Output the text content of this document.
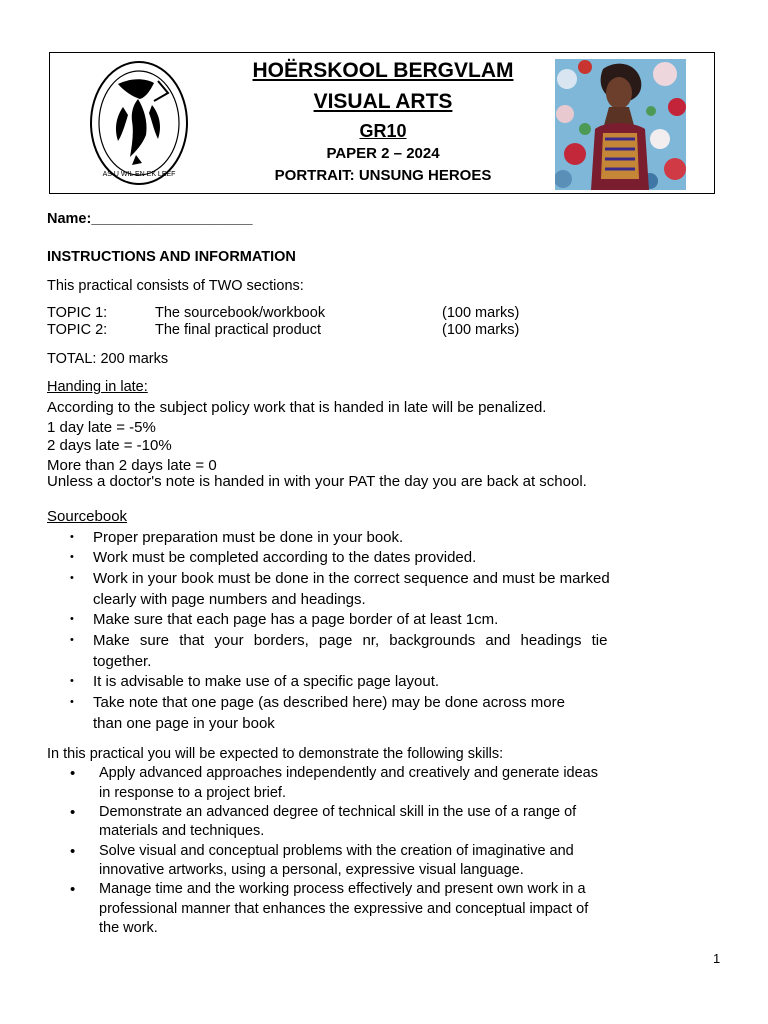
AS U WIL EN EK LEEF
HOËRSKOOL BERGVLAM
VISUAL ARTS
GR10
PAPER 2 – 2024
PORTRAIT: UNSUNG HEROES
Name:____________________
INSTRUCTIONS AND INFORMATION
This practical consists of TWO sections:
TOPIC 1:	The sourcebook/workbook	(100 marks)
TOPIC 2:	The final practical product	(100 marks)
TOTAL: 200 marks
Handing in late:
According to the subject policy work that is handed in late will be penalized.
1 day late = -5%
2 days late = -10%
More than 2 days late = 0
Unless a doctor's note is handed in with your PAT the day you are back at school.
Sourcebook
• Proper preparation must be done in your book.
• Work must be completed according to the dates provided.
• Work in your book must be done in the correct sequence and must be marked
clearly with page numbers and headings.
• Make sure that each page has a page border of at least 1cm.
• Make sure that your borders, page nr, backgrounds and headings tie
together.
• It is advisable to make use of a specific page layout.
• Take note that one page (as described here) may be done across more
than one page in your book
In this practical you will be expected to demonstrate the following skills:
• Apply advanced approaches independently and creatively and generate ideas
in response to a project brief.
• Demonstrate an advanced degree of technical skill in the use of a range of
materials and techniques.
• Solve visual and conceptual problems with the creation of imaginative and
innovative artworks, using a personal, expressive visual language.
• Manage time and the working process effectively and present own work in a
professional manner that enhances the expressive and conceptual impact of
the work.
1
